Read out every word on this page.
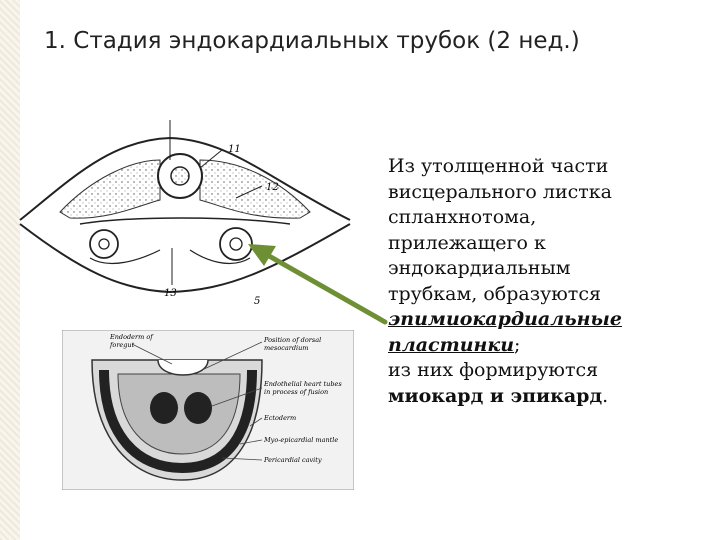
1. Стадия эндокардиальных трубок (2 нед.)
11
12
13
5
Endoderm of
foregut
Position of dorsal
mesocardium
Endothelial heart tubes
in process of fusion
Ectoderm
Myo-epicardial mantle
Pericardial cavity
Из утолщенной части
висцерального листка
спланхнотома,
прилежащего к
эндокардиальным
трубкам, образуются
эпимиокардиальные
пластинки;
из них формируются
миокард и эпикард.
